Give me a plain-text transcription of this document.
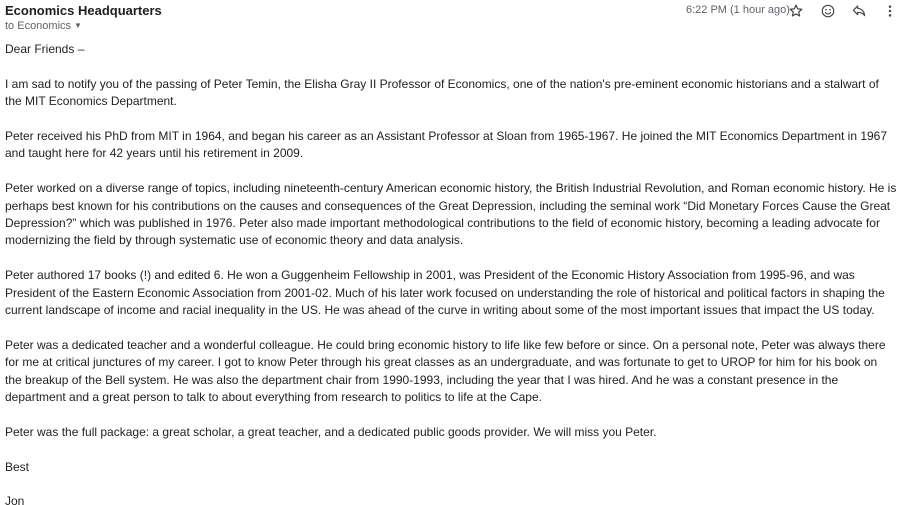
Economics Headquarters
to Economics ▼
6:22 PM (1 hour ago)

Dear Friends –

I am sad to notify you of the passing of Peter Temin, the Elisha Gray II Professor of Economics, one of the nation's pre-eminent economic historians and a stalwart of the MIT Economics Department.

Peter received his PhD from MIT in 1964, and began his career as an Assistant Professor at Sloan from 1965-1967. He joined the MIT Economics Department in 1967 and taught here for 42 years until his retirement in 2009.

Peter worked on a diverse range of topics, including nineteenth-century American economic history, the British Industrial Revolution, and Roman economic history. He is perhaps best known for his contributions on the causes and consequences of the Great Depression, including the seminal work “Did Monetary Forces Cause the Great Depression?” which was published in 1976. Peter also made important methodological contributions to the field of economic history, becoming a leading advocate for modernizing the field by through systematic use of economic theory and data analysis.

Peter authored 17 books (!) and edited 6. He won a Guggenheim Fellowship in 2001, was President of the Economic History Association from 1995-96, and was President of the Eastern Economic Association from 2001-02. Much of his later work focused on understanding the role of historical and political factors in shaping the current landscape of income and racial inequality in the US. He was ahead of the curve in writing about some of the most important issues that impact the US today.

Peter was a dedicated teacher and a wonderful colleague. He could bring economic history to life like few before or since. On a personal note, Peter was always there for me at critical junctures of my career. I got to know Peter through his great classes as an undergraduate, and was fortunate to get to UROP for him for his book on the breakup of the Bell system. He was also the department chair from 1990-1993, including the year that I was hired. And he was a constant presence in the department and a great person to talk to about everything from research to politics to life at the Cape.

Peter was the full package: a great scholar, a great teacher, and a dedicated public goods provider. We will miss you Peter.

Best

Jon
